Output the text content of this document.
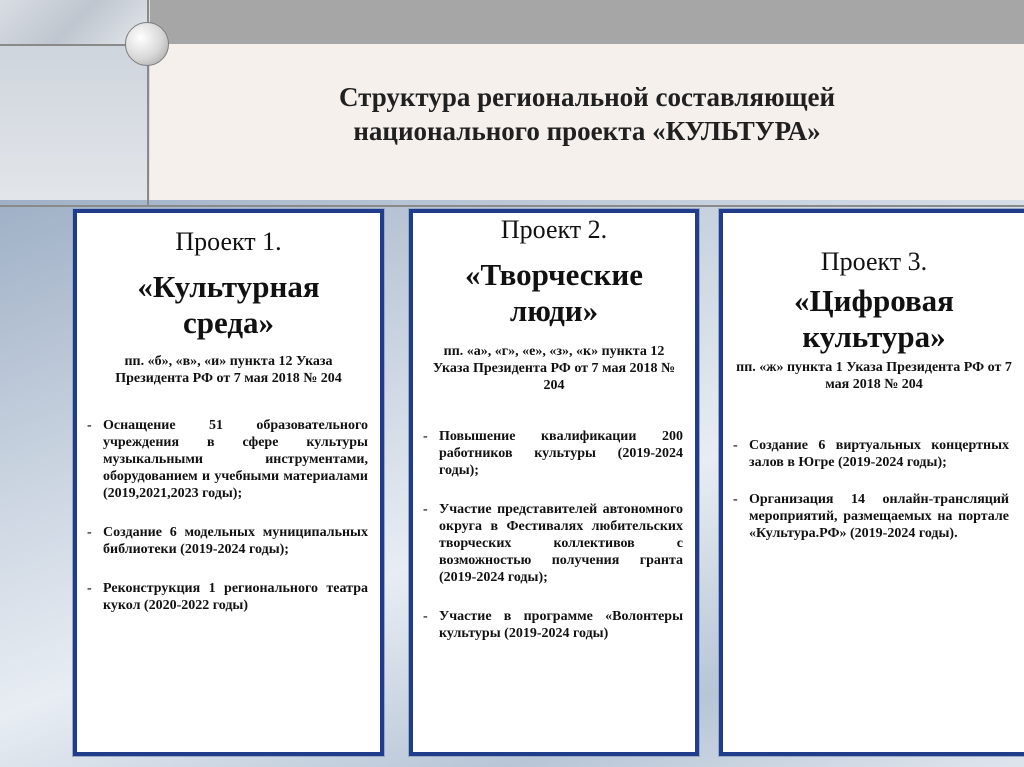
Структура региональной составляющей
национального проекта «КУЛЬТУРА»
Проект 1.
«Культурная
среда»
пп. «б», «в», «и» пункта 12 Указа Президента РФ от 7 мая 2018 № 204
- Оснащение 51 образовательного учреждения в сфере культуры музыкальными инструментами, оборудованием и учебными материалами (2019,2021,2023 годы);
- Создание 6 модельных муниципальных библиотеки (2019-2024 годы);
- Реконструкция 1 регионального театра кукол (2020-2022 годы)
Проект 2.
«Творческие
люди»
пп. «а», «г», «е», «з», «к» пункта 12 Указа Президента РФ от 7 мая 2018 № 204
- Повышение квалификации 200 работников культуры (2019-2024 годы);
- Участие представителей автономного округа в Фестивалях любительских творческих коллективов с возможностью получения гранта (2019-2024 годы);
- Участие в программе «Волонтеры культуры (2019-2024 годы)
Проект 3.
«Цифровая
культура»
пп. «ж» пункта 1 Указа Президента РФ от 7 мая 2018 № 204
- Создание 6 виртуальных концертных залов в Югре (2019-2024 годы);
- Организация 14 онлайн-трансляций мероприятий, размещаемых на портале «Культура.РФ» (2019-2024 годы).
